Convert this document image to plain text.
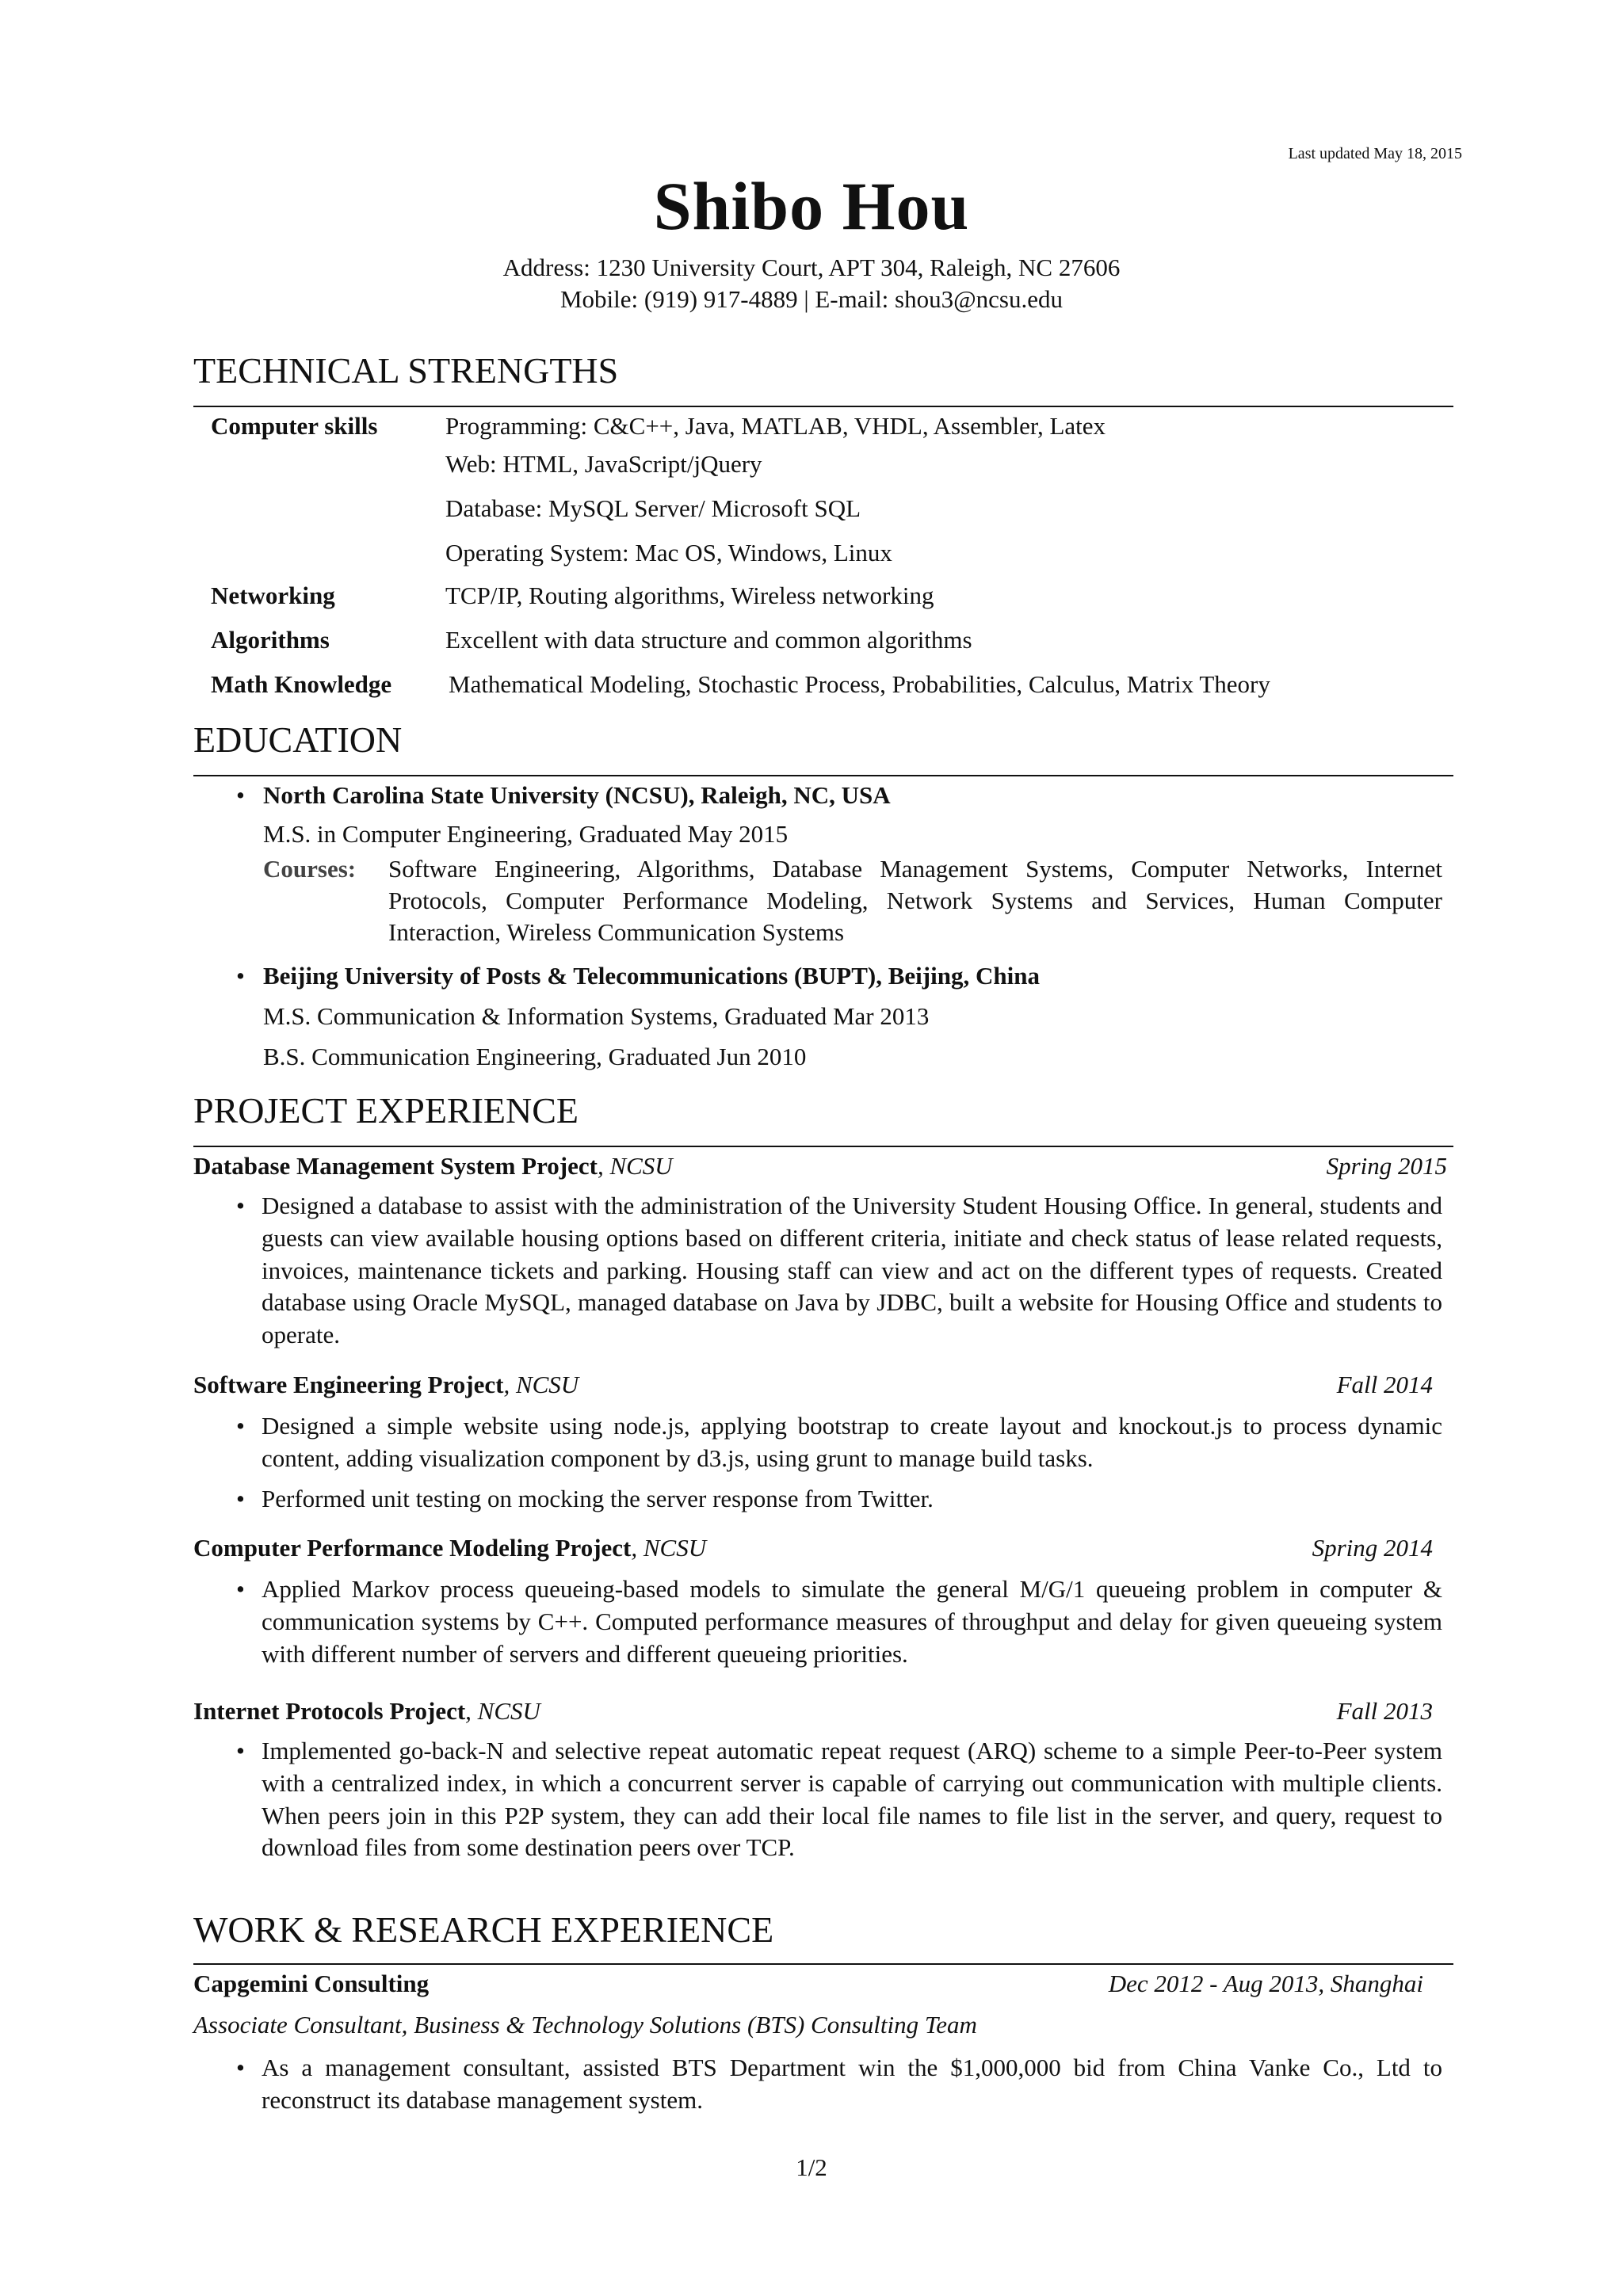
Last updated May 18, 2015
Shibo Hou
Address: 1230 University Court, APT 304, Raleigh, NC 27606
Mobile: (919) 917-4889 | E-mail: shou3@ncsu.edu
TECHNICAL STRENGTHS
Computer skills	Programming: C&C++, Java, MATLAB, VHDL, Assembler, Latex
Web: HTML, JavaScript/jQuery
Database: MySQL Server/ Microsoft SQL
Operating System: Mac OS, Windows, Linux
Networking	TCP/IP, Routing algorithms, Wireless networking
Algorithms	Excellent with data structure and common algorithms
Math Knowledge Mathematical Modeling, Stochastic Process, Probabilities, Calculus, Matrix Theory
EDUCATION
• North Carolina State University (NCSU), Raleigh, NC, USA
M.S. in Computer Engineering, Graduated May 2015
Courses: Software Engineering, Algorithms, Database Management Systems, Computer Networks, Internet Protocols, Computer Performance Modeling, Network Systems and Services, Human Computer Interaction, Wireless Communication Systems
• Beijing University of Posts & Telecommunications (BUPT), Beijing, China
M.S. Communication & Information Systems, Graduated Mar 2013
B.S. Communication Engineering, Graduated Jun 2010
PROJECT EXPERIENCE
Database Management System Project, NCSU	Spring 2015
• Designed a database to assist with the administration of the University Student Housing Office. In general, students and guests can view available housing options based on different criteria, initiate and check status of lease related requests, invoices, maintenance tickets and parking. Housing staff can view and act on the different types of requests. Created database using Oracle MySQL, managed database on Java by JDBC, built a website for Housing Office and students to operate.
Software Engineering Project, NCSU	Fall 2014
• Designed a simple website using node.js, applying bootstrap to create layout and knockout.js to process dynamic content, adding visualization component by d3.js, using grunt to manage build tasks.
• Performed unit testing on mocking the server response from Twitter.
Computer Performance Modeling Project, NCSU	Spring 2014
• Applied Markov process queueing-based models to simulate the general M/G/1 queueing problem in computer & communication systems by C++. Computed performance measures of throughput and delay for given queueing system with different number of servers and different queueing priorities.
Internet Protocols Project, NCSU	Fall 2013
• Implemented go-back-N and selective repeat automatic repeat request (ARQ) scheme to a simple Peer-to-Peer system with a centralized index, in which a concurrent server is capable of carrying out communication with multiple clients. When peers join in this P2P system, they can add their local file names to file list in the server, and query, request to download files from some destination peers over TCP.
WORK & RESEARCH EXPERIENCE
Capgemini Consulting	Dec 2012 - Aug 2013, Shanghai
Associate Consultant, Business & Technology Solutions (BTS) Consulting Team
• As a management consultant, assisted BTS Department win the $1,000,000 bid from China Vanke Co., Ltd to reconstruct its database management system.
1/2
